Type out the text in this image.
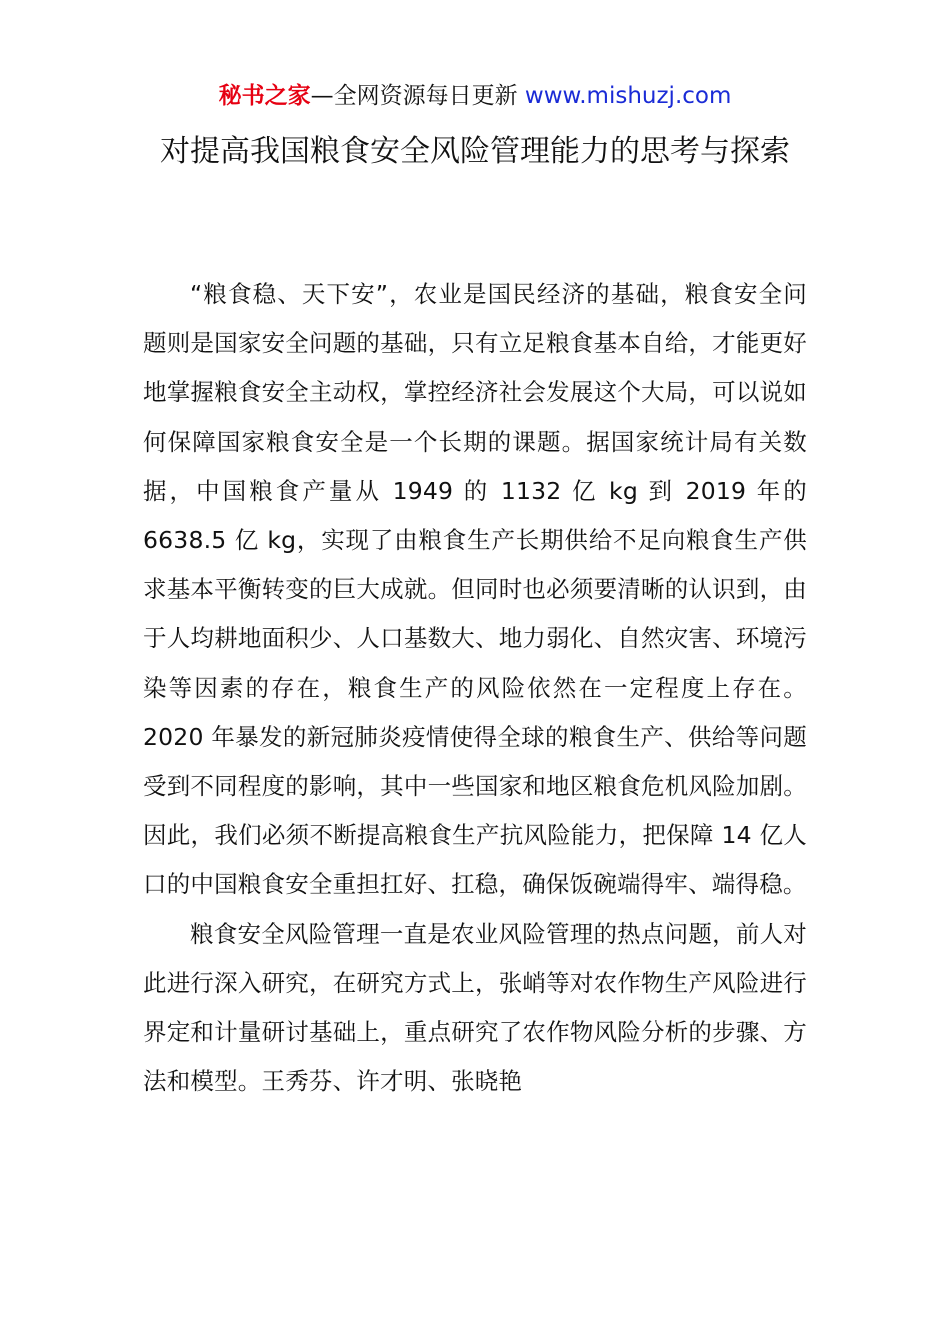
秘书之家—全网资源每日更新 www.mishuzj.com
对提高我国粮食安全风险管理能力的思考与探索

“粮食稳、天下安”，农业是国民经济的基础，粮食安全问题则是国家安全问题的基础，只有立足粮食基本自给，才能更好地掌握粮食安全主动权，掌控经济社会发展这个大局，可以说如何保障国家粮食安全是一个长期的课题。据国家统计局有关数据，中国粮食产量从 1949 的 1132 亿 kg 到 2019 年的 6638.5 亿 kg，实现了由粮食生产长期供给不足向粮食生产供求基本平衡转变的巨大成就。但同时也必须要清晰的认识到，由于人均耕地面积少、人口基数大、地力弱化、自然灾害、环境污染等因素的存在，粮食生产的风险依然在一定程度上存在。2020 年暴发的新冠肺炎疫情使得全球的粮食生产、供给等问题受到不同程度的影响，其中一些国家和地区粮食危机风险加剧。因此，我们必须不断提高粮食生产抗风险能力，把保障 14 亿人口的中国粮食安全重担扛好、扛稳，确保饭碗端得牢、端得稳。

粮食安全风险管理一直是农业风险管理的热点问题，前人对此进行深入研究，在研究方式上，张峭等对农作物生产风险进行界定和计量研讨基础上，重点研究了农作物风险分析的步骤、方法和模型。王秀芬、许才明、张晓艳
